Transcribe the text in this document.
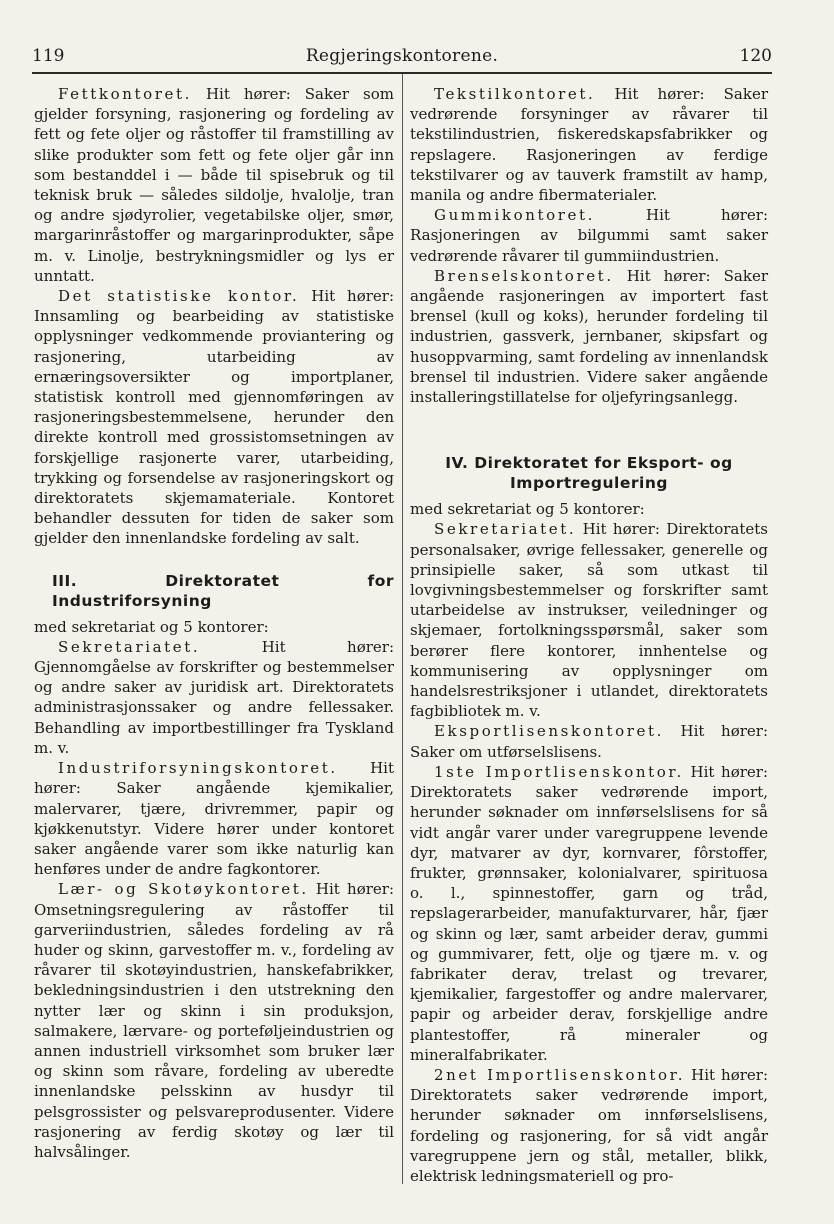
119	Regjeringskontorene.	120

Fettkontoret. Hit hører: Saker som gjelder forsyning, rasjonering og fordeling av fett og fete oljer og råstoffer til framstilling av slike produkter som fett og fete oljer går inn som bestanddel i — både til spisebruk og til teknisk bruk — således sildolje, hvalolje, tran og andre sjødyrolier, vegetabilske oljer, smør, margarinråstoffer og margarinprodukter, såpe m. v. Linolje, bestrykningsmidler og lys er unntatt.

Det statistiske kontor. Hit hører: Innsamling og bearbeiding av statistiske opplysninger vedkommende proviantering og rasjonering, utarbeiding av ernæringsoversikter og importplaner, statistisk kontroll med gjennomføringen av rasjoneringsbestemmelsene, herunder den direkte kontroll med grossistomsetningen av forskjellige rasjonerte varer, utarbeiding, trykking og forsendelse av rasjoneringskort og direktoratets skjemamateriale. Kontoret behandler dessuten for tiden de saker som gjelder den innenlandske fordeling av salt.

III. Direktoratet for Industriforsyning

med sekretariat og 5 kontorer:

Sekretariatet. Hit hører: Gjennomgåelse av forskrifter og bestemmelser og andre saker av juridisk art. Direktoratets administrasjonssaker og andre fellessaker. Behandling av importbestillinger fra Tyskland m. v.

Industriforsyningskontoret. Hit hører: Saker angående kjemikalier, malervarer, tjære, drivremmer, papir og kjøkkenutstyr. Videre hører under kontoret saker angående varer som ikke naturlig kan henføres under de andre fagkontorer.

Lær- og Skotøykontoret. Hit hører: Omsetningsregulering av råstoffer til garveriindustrien, således fordeling av rå huder og skinn, garvestoffer m. v., fordeling av råvarer til skotøyindustrien, hanskefabrikker, bekledningsindustrien i den utstrekning den nytter lær og skinn i sin produksjon, salmakere, lærvare- og porteføljeindustrien og annen industriell virksomhet som bruker lær og skinn som råvare, fordeling av uberedte innenlandske pelsskinn av husdyr til pelsgrossister og pelsvareprodusenter. Videre rasjonering av ferdig skotøy og lær til halvsålinger.

Tekstilkontoret. Hit hører: Saker vedrørende forsyninger av råvarer til tekstilindustrien, fiskeredskapsfabrikker og repslagere. Rasjoneringen av ferdige tekstilvarer og av tauverk framstilt av hamp, manila og andre fibermaterialer.

Gummikontoret. Hit hører: Rasjoneringen av bilgummi samt saker vedrørende råvarer til gummiindustrien.

Brenselskontoret. Hit hører: Saker angående rasjoneringen av importert fast brensel (kull og koks), herunder fordeling til industrien, gassverk, jernbaner, skipsfart og husoppvarming, samt fordeling av innenlandsk brensel til industrien. Videre saker angående installeringstillatelse for oljefyringsanlegg.

IV. Direktoratet for Eksport- og Importregulering

med sekretariat og 5 kontorer:

Sekretariatet. Hit hører: Direktoratets personalsaker, øvrige fellessaker, generelle og prinsipielle saker, så som utkast til lovgivningsbestemmelser og forskrifter samt utarbeidelse av instrukser, veiledninger og skjemaer, fortolkningsspørsmål, saker som berører flere kontorer, innhentelse og kommunisering av opplysninger om handelsrestriksjoner i utlandet, direktoratets fagbibliotek m. v.

Eksportlisenskontoret. Hit hører: Saker om utførselslisens.

1ste Importlisenskontor. Hit hører: Direktoratets saker vedrørende import, herunder søknader om innførselslisens for så vidt angår varer under varegruppene levende dyr, matvarer av dyr, kornvarer, fôrstoffer, frukter, grønnsaker, kolonialvarer, spirituosa o. l., spinnestoffer, garn og tråd, repslagerarbeider, manufakturvarer, hår, fjær og skinn og lær, samt arbeider derav, gummi og gummivarer, fett, olje og tjære m. v. og fabrikater derav, trelast og trevarer, kjemikalier, fargestoffer og andre malervarer, papir og arbeider derav, forskjellige andre plantestoffer, rå mineraler og mineralfabrikater.

2net Importlisenskontor. Hit hører: Direktoratets saker vedrørende import, herunder søknader om innførselslisens, fordeling og rasjonering, for så vidt angår varegruppene jern og stål, metaller, blikk, elektrisk ledningsmateriell og pro-
